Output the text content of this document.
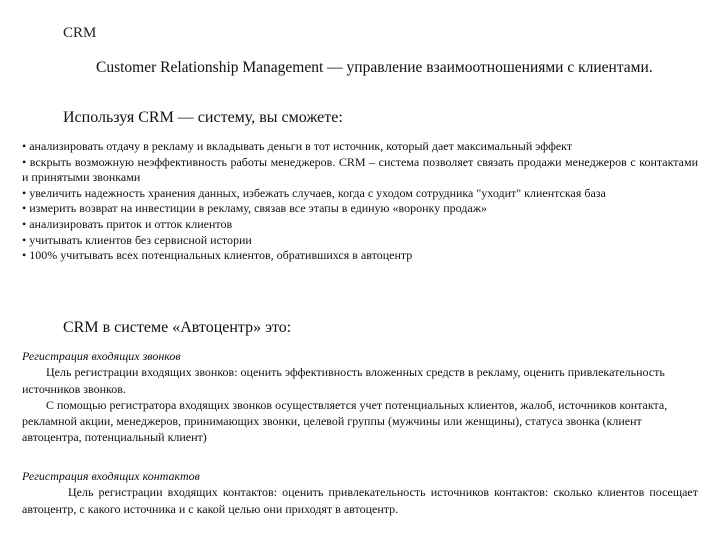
CRM
Customer Relationship Management — управление взаимоотношениями с клиентами.
Используя CRM — систему, вы сможете:
• анализировать отдачу в рекламу и вкладывать деньги в тот источник, который дает максимальный эффект
• вскрыть возможную неэффективность работы менеджеров. CRM – система позволяет связать продажи менеджеров с контактами и принятыми звонками
• увеличить надежность хранения данных, избежать случаев, когда с уходом сотрудника "уходит" клиентская база
• измерить возврат на инвестиции в рекламу, связав все этапы в единую «воронку продаж»
• анализировать приток и отток клиентов
• учитывать клиентов без сервисной истории
• 100% учитывать всех потенциальных клиентов, обратившихся в автоцентр
CRM в системе «Автоцентр» это:
Регистрация входящих звонков
Цель регистрации входящих звонков: оценить эффективность вложенных средств в рекламу, оценить привлекательность источников звонков.
С помощью регистратора входящих звонков осуществляется учет потенциальных клиентов, жалоб, источников контакта, рекламной акции, менеджеров, принимающих звонки, целевой группы (мужчины или женщины), статуса звонка (клиент автоцентра, потенциальный клиент)
Регистрация входящих контактов
Цель регистрации входящих контактов: оценить привлекательность источников контактов: сколько клиентов посещает автоцентр, с какого источника и с какой целью они приходят в автоцентр.
